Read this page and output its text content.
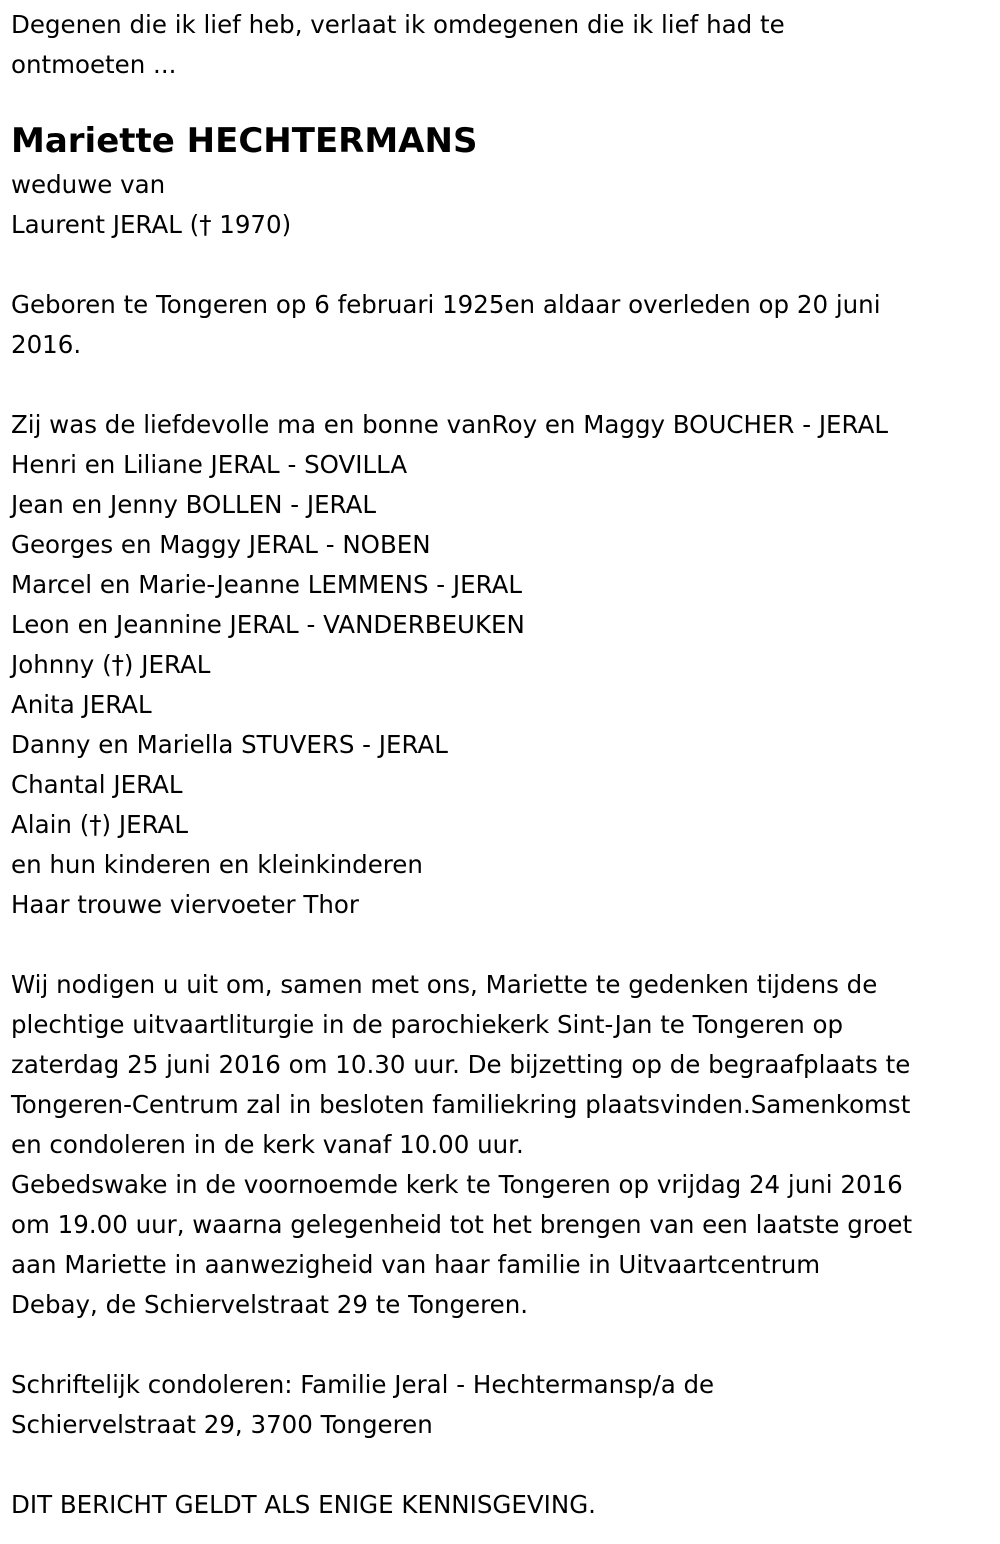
Degenen die ik lief heb, verlaat ik omdegenen die ik lief had te
ontmoeten ...
Mariette HECHTERMANS
weduwe van
Laurent JERAL († 1970)
Geboren te Tongeren op 6 februari 1925en aldaar overleden op 20 juni
2016.
Zij was de liefdevolle ma en bonne vanRoy en Maggy BOUCHER - JERAL
Henri en Liliane JERAL - SOVILLA
Jean en Jenny BOLLEN - JERAL
Georges en Maggy JERAL - NOBEN
Marcel en Marie-Jeanne LEMMENS - JERAL
Leon en Jeannine JERAL - VANDERBEUKEN
Johnny (†) JERAL
Anita JERAL
Danny en Mariella STUVERS - JERAL
Chantal JERAL
Alain (†) JERAL
en hun kinderen en kleinkinderen
Haar trouwe viervoeter Thor
Wij nodigen u uit om, samen met ons, Mariette te gedenken tijdens de
plechtige uitvaartliturgie in de parochiekerk Sint-Jan te Tongeren op
zaterdag 25 juni 2016 om 10.30 uur. De bijzetting op de begraafplaats te
Tongeren-Centrum zal in besloten familiekring plaatsvinden.Samenkomst
en condoleren in de kerk vanaf 10.00 uur.
Gebedswake in de voornoemde kerk te Tongeren op vrijdag 24 juni 2016
om 19.00 uur, waarna gelegenheid tot het brengen van een laatste groet
aan Mariette in aanwezigheid van haar familie in Uitvaartcentrum
Debay, de Schiervelstraat 29 te Tongeren.
Schriftelijk condoleren: Familie Jeral - Hechtermansp/a de
Schiervelstraat 29, 3700 Tongeren
DIT BERICHT GELDT ALS ENIGE KENNISGEVING.
